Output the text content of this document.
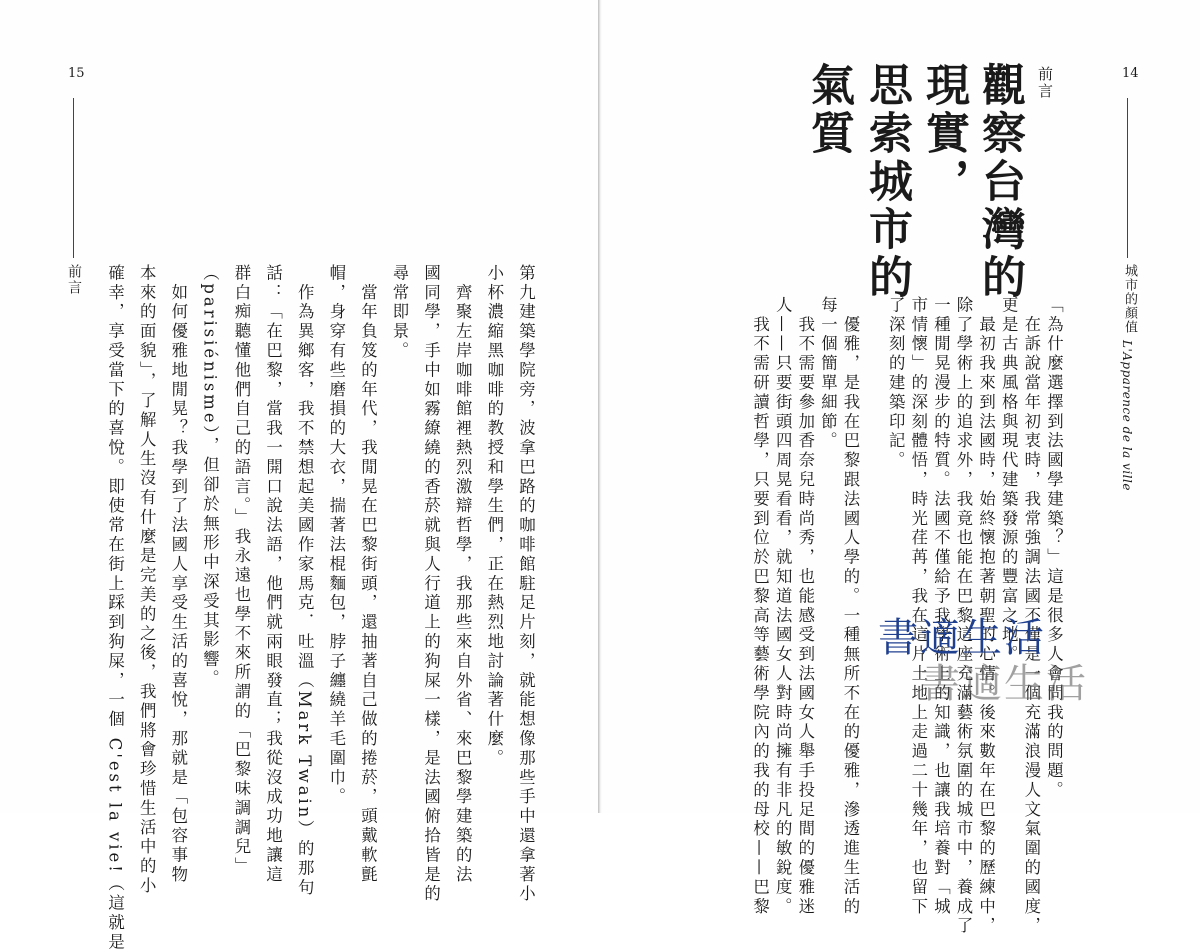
15
前言	第九建築學院旁，波拿巴路的咖啡館駐足片刻，就能想像那些手中還拿著小
小杯濃縮黑咖啡的教授和學生們，正在熱烈地討論著什麼。
　齊聚左岸咖啡館裡熱烈激辯哲學，我那些來自外省、來巴黎學建築的法
國同學，手中如霧繚繞的香菸就與人行道上的狗屎一樣，是法國俯拾皆是的
尋常即景。
　當年負笈的年代，我閒晃在巴黎街頭，還抽著自己做的捲菸，頭戴軟氈
帽，身穿有些磨損的大衣，揣著法棍麵包，脖子纏繞羊毛圍巾。
　作為異鄉客，我不禁想起美國作家馬克．吐溫（Mark Twain）的那句
話：「在巴黎，當我一開口說法語，他們就兩眼發直；我從沒成功地讓這
群白痴聽懂他們自己的語言。」我永遠也學不來所謂的「巴黎味調調兒」
（parisiénisme），但卻於無形中深受其影響。
　如何優雅地閒晃？我學到了法國人享受生活的喜悅，那就是「包容事物
本來的面貌」，了解人生沒有什麼是完美的之後，我們將會珍惜生活中的小
確幸，享受當下的喜悅。即使常在街上踩到狗屎，一個 C'est la vie!（這就是
14
前言
觀察台灣的
現實，
思索城市的
氣質
城市的顏值
L'Apparence de la ville
「為什麼選擇到法國學建築？」這是很多人會問我的問題。
　在訴說當年初衷時，我常強調法國不僅是一個充滿浪漫人文氣圍的國度，
更是古典風格與現代建築發源的豐富之地。
　最初我來到法國時，始終懷抱著朝聖的心情。後來數年在巴黎的歷練中，
除了學術上的追求外，我竟也能在巴黎這座充滿藝術氛圍的城市中，養成了
一種閒晃漫步的特質。法國不僅給予我學術上的知識，也讓我培養對「城
市情懷」的深刻體悟，時光荏苒，我在這片土地上走過二十幾年，也留下
了深刻的建築印記。
　優雅，是我在巴黎跟法國人學的。一種無所不在的優雅，滲透進生活的
每一個簡單細節。
　我不需要參加香奈兒時尚秀，也能感受到法國女人舉手投足間的優雅迷
人——只要街頭四周晃看看，就知道法國女人對時尚擁有非凡的敏銳度。
　我不需研讀哲學，只要到位於巴黎高等藝術學院內的我的母校——巴黎	書適生活
書適生活
